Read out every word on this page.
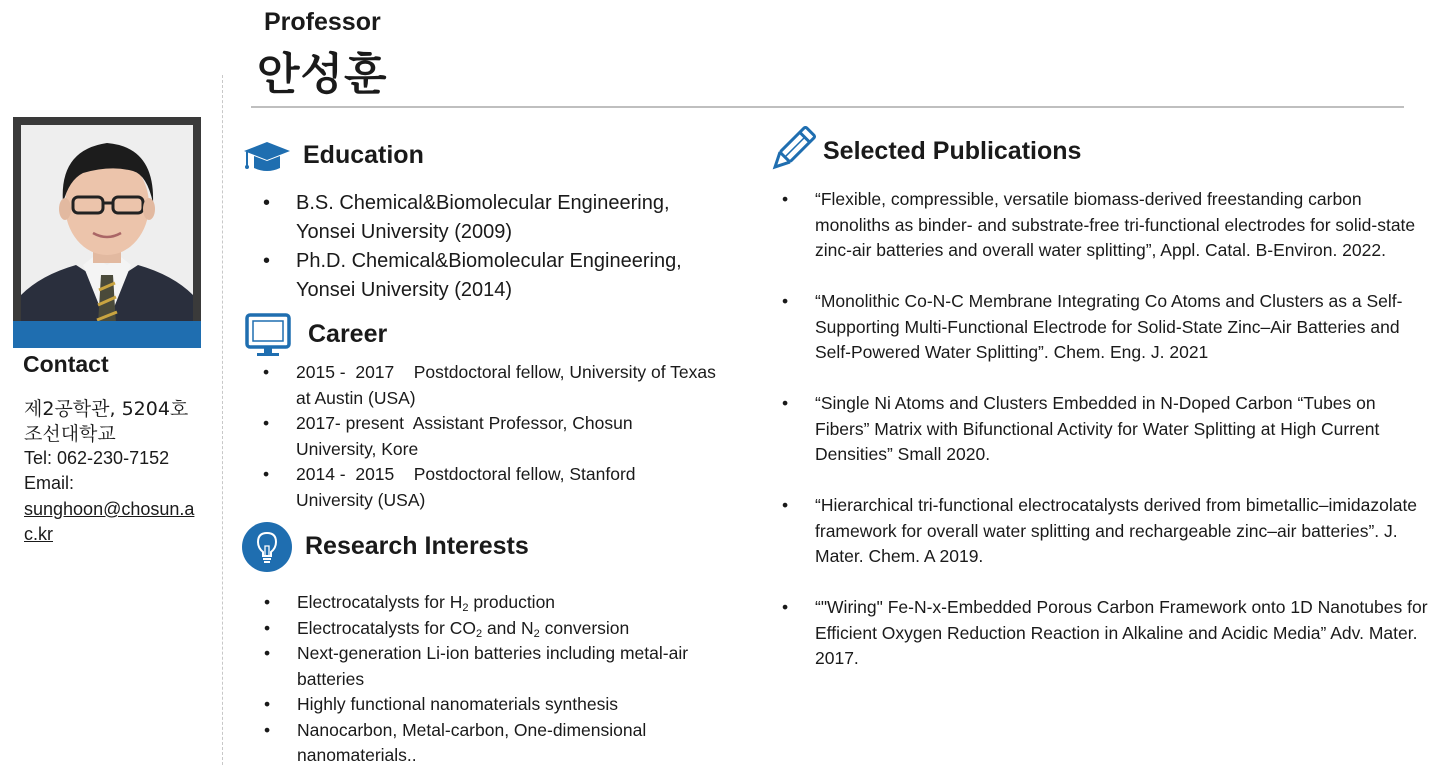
Professor
안성훈
Contact
제2공학관, 5204호
조선대학교
Tel: 062-230-7152
Email:
sunghoon@chosun.ac.kr
Education
• B.S. Chemical&Biomolecular Engineering, Yonsei University (2009)
• Ph.D. Chemical&Biomolecular Engineering, Yonsei University (2014)
Career
• 2015 -  2017    Postdoctoral fellow, University of Texas at Austin (USA)
• 2017- present  Assistant Professor, Chosun University, Kore
• 2014 -  2015    Postdoctoral fellow, Stanford University (USA)
Research Interests
• Electrocatalysts for $H_2$ production
• Electrocatalysts for $CO_2$ and $N_2$ conversion
• Next-generation Li-ion batteries including metal-air batteries
• Highly functional nanomaterials synthesis
• Nanocarbon, Metal-carbon, One-dimensional nanomaterials..
Selected Publications
• “Flexible, compressible, versatile biomass-derived freestanding carbon monoliths as binder- and substrate-free tri-functional electrodes for solid-state zinc-air batteries and overall water splitting”, Appl. Catal. B-Environ. 2022.
• “Monolithic Co-N-C Membrane Integrating Co Atoms and Clusters as a Self-Supporting Multi-Functional Electrode for Solid-State Zinc–Air Batteries and Self-Powered Water Splitting”. Chem. Eng. J. 2021
• “Single Ni Atoms and Clusters Embedded in N-Doped Carbon “Tubes on Fibers” Matrix with Bifunctional Activity for Water Splitting at High Current Densities” Small 2020.
• “Hierarchical tri-functional electrocatalysts derived from bimetallic–imidazolate framework for overall water splitting and rechargeable zinc–air batteries”. J. Mater. Chem. A 2019.
• “"Wiring" Fe-N-x-Embedded Porous Carbon Framework onto 1D Nanotubes for Efficient Oxygen Reduction Reaction in Alkaline and Acidic Media” Adv. Mater. 2017.
